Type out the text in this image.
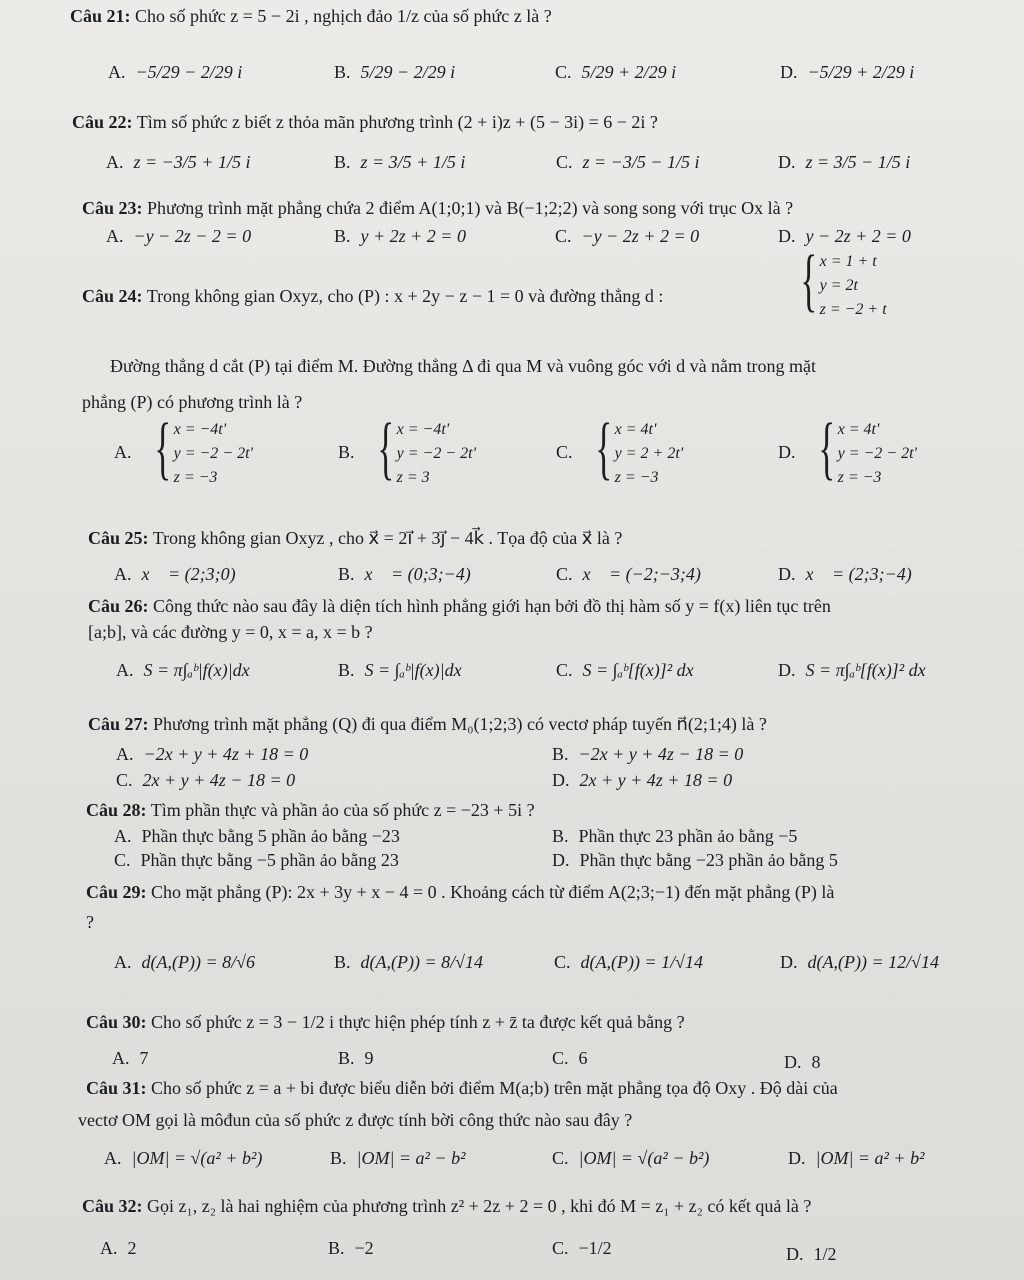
Câu 21: Cho số phức z = 5 − 2i , nghịch đảo 1/z của số phức z là ?
A. −5/29 − 2/29 i	B. 5/29 − 2/29 i	C. 5/29 + 2/29 i	D. −5/29 + 2/29 i
Câu 22: Tìm số phức z biết z thỏa mãn phương trình (2 + i)z + (5 − 3i) = 6 − 2i ?
A. z = −3/5 + 1/5 i	B. z = 3/5 + 1/5 i	C. z = −3/5 − 1/5 i	D. z = 3/5 − 1/5 i
Câu 23: Phương trình mặt phẳng chứa 2 điểm A(1;0;1) và B(−1;2;2) và song song với trục Ox là ?
A. −y − 2z − 2 = 0	B. y + 2z + 2 = 0	C. −y − 2z + 2 = 0	D. y − 2z + 2 = 0
Câu 24: Trong không gian Oxyz, cho (P) : x + 2y − z − 1 = 0 và đường thẳng d : { x = 1 + t
y = 2t
z = −2 + t
Đường thẳng d cắt (P) tại điểm M. Đường thẳng Δ đi qua M và vuông góc với d và nằm trong mặt
phẳng (P) có phương trình là ?
A. { x = −4t'
y = −2 − 2t'
z = −3
B. { x = −4t'
y = −2 − 2t'
z = 3
C. { x = 4t'
y = 2 + 2t'
z = −3
D. { x = 4t'
y = −2 − 2t'
z = −3
Câu 25: Trong không gian Oxyz , cho x⃗ = 2i⃗ + 3j⃗ − 4k⃗ . Tọa độ của x⃗ là ?
A. x⃗ = (2;3;0)	B. x⃗ = (0;3;−4)	C. x⃗ = (−2;−3;4)	D. x⃗ = (2;3;−4)
Câu 26: Công thức nào sau đây là diện tích hình phẳng giới hạn bởi đồ thị hàm số y = f(x) liên tục trên
[a;b], và các đường y = 0, x = a, x = b ?
A. S = π∫ₐᵇ|f(x)|dx	B. S = ∫ₐᵇ|f(x)|dx	C. S = ∫ₐᵇ[f(x)]² dx	D. S = π∫ₐᵇ[f(x)]² dx
Câu 27: Phương trình mặt phẳng (Q) đi qua điểm M₀(1;2;3) có vectơ pháp tuyến n⃗(2;1;4) là ?
A. −2x + y + 4z + 18 = 0	B. −2x + y + 4z − 18 = 0
C. 2x + y + 4z − 18 = 0	D. 2x + y + 4z + 18 = 0
Câu 28: Tìm phần thực và phần ảo của số phức z = −23 + 5i ?
A. Phần thực bằng 5 phần ảo bằng −23	B. Phần thực 23 phần ảo bằng −5
C. Phần thực bằng −5 phần ảo bằng 23	D. Phần thực bằng −23 phần ảo bằng 5
Câu 29: Cho mặt phẳng (P): 2x + 3y + x − 4 = 0 . Khoảng cách từ điểm A(2;3;−1) đến mặt phẳng (P) là
?
A. d(A,(P)) = 8/√6	B. d(A,(P)) = 8/√14	C. d(A,(P)) = 1/√14	D. d(A,(P)) = 12/√14
Câu 30: Cho số phức z = 3 − 1/2 i thực hiện phép tính z + z̄ ta được kết quả bằng ?
A. 7	B. 9	C. 6	D. 8
Câu 31: Cho số phức z = a + bi được biểu diễn bởi điểm M(a;b) trên mặt phẳng tọa độ Oxy . Độ dài của
vectơ OM gọi là môđun của số phức z được tính bời công thức nào sau đây ?
A. |OM| = √(a² + b²)	B. |OM| = a² − b²	C. |OM| = √(a² − b²)	D. |OM| = a² + b²
Câu 32: Gọi z₁, z₂ là hai nghiệm của phương trình z² + 2z + 2 = 0 , khi đó M = z₁ + z₂ có kết quả là ?
A. 2	B. −2	C. −1/2	D. 1/2
